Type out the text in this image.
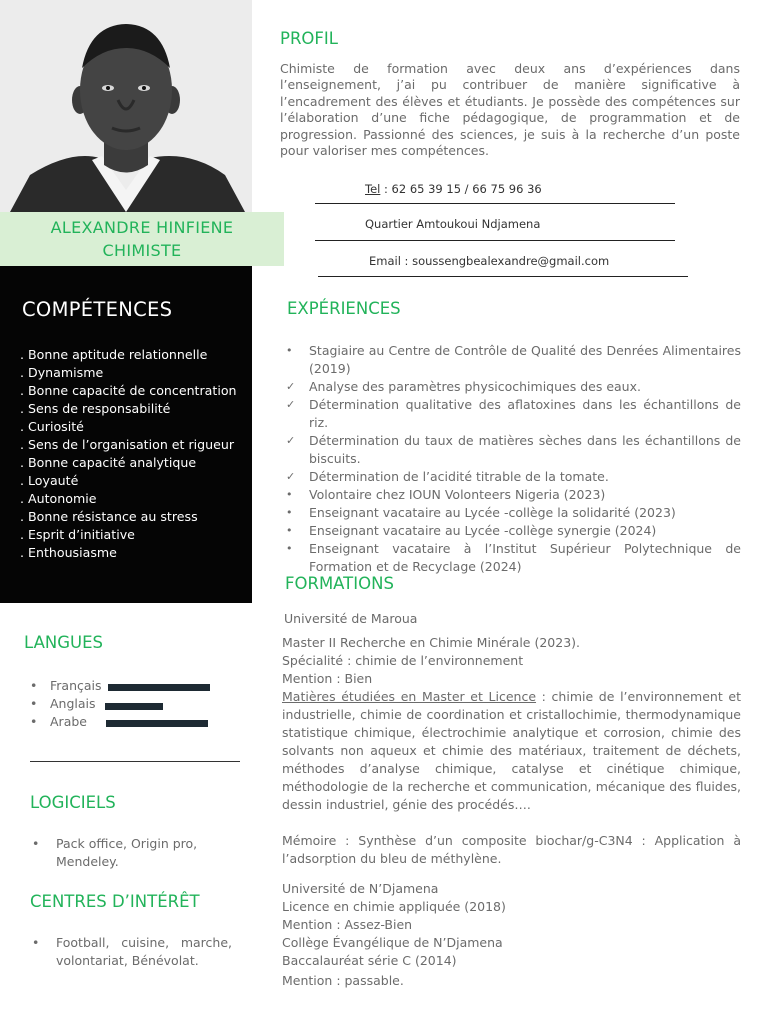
ALEXANDRE HINFIENE
CHIMISTE
COMPÉTENCES
. Bonne aptitude relationnelle
. Dynamisme
. Bonne capacité de concentration
. Sens de responsabilité
. Curiosité
. Sens de l’organisation et rigueur
. Bonne capacité analytique
. Loyauté
. Autonomie
. Bonne résistance au stress
. Esprit d’initiative
. Enthousiasme
LANGUES
• Français
• Anglais
• Arabe
LOGICIELS
•	Pack office, Origin pro, Mendeley.
CENTRES D’INTÉRÊT
•	Football, cuisine, marche, volontariat, Bénévolat.
PROFIL
Chimiste de formation avec deux ans d’expériences dans l’enseignement, j’ai pu contribuer de manière significative à l’encadrement des élèves et étudiants. Je possède des compétences sur l’élaboration d’une fiche pédagogique, de programmation et de progression. Passionné des sciences, je suis à la recherche d’un poste pour valoriser mes compétences.
Tel : 62 65 39 15 / 66 75 96 36
Quartier Amtoukoui Ndjamena
Email : soussengbealexandre@gmail.com
EXPÉRIENCES
•	Stagiaire au Centre de Contrôle de Qualité des Denrées Alimentaires (2019)
✓	Analyse des paramètres physicochimiques des eaux.
✓	Détermination qualitative des aflatoxines dans les échantillons de riz.
✓	Détermination du taux de matières sèches dans les échantillons de biscuits.
✓	Détermination de l’acidité titrable de la tomate.
•	Volontaire chez IOUN Volonteers Nigeria (2023)
•	Enseignant vacataire au Lycée -collège la solidarité (2023)
•	Enseignant vacataire au Lycée -collège synergie (2024)
•	Enseignant vacataire à l’Institut Supérieur Polytechnique de Formation et de Recyclage (2024)
FORMATIONS
Université de Maroua
Master II Recherche en Chimie Minérale (2023).
Spécialité : chimie de l’environnement
Mention : Bien
Matières étudiées en Master et Licence : chimie de l’environnement et industrielle, chimie de coordination et cristallochimie, thermodynamique statistique chimique, électrochimie analytique et corrosion, chimie des solvants non aqueux et chimie des matériaux, traitement de déchets, méthodes d’analyse chimique, catalyse et cinétique chimique, méthodologie de la recherche et communication, mécanique des fluides, dessin industriel, génie des procédés….
Mémoire : Synthèse d’un composite biochar/g-C3N4 : Application à l’adsorption du bleu de méthylène.
Université de N’Djamena
Licence en chimie appliquée (2018)
Mention : Assez-Bien
Collège Évangélique de N’Djamena
Baccalauréat série C (2014)
Mention : passable.
